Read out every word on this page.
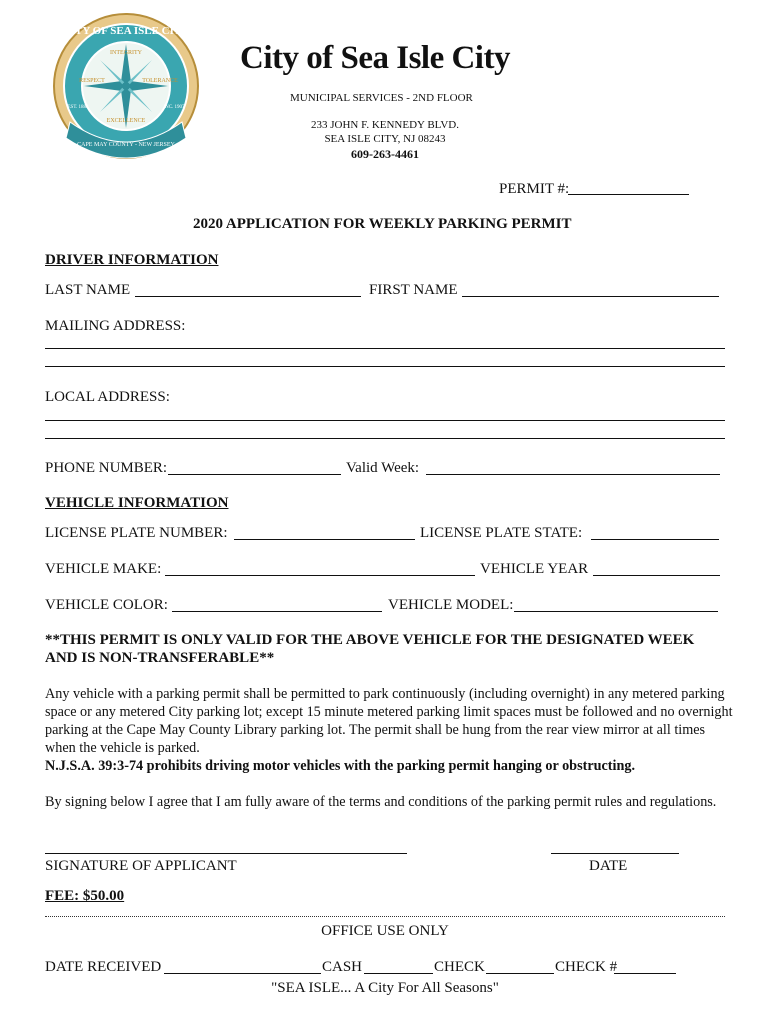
CITY OF SEA ISLE CITY
INTEGRITY
RESPECT	TOLERANCE
EXCELLENCE
EST. 1882	INC. 1907
CAPE MAY COUNTY - NEW JERSEY
City of Sea Isle City
MUNICIPAL SERVICES - 2ND FLOOR
233 JOHN F. KENNEDY BLVD.
SEA ISLE CITY, NJ 08243
609-263-4461
PERMIT #:
2020 APPLICATION FOR WEEKLY PARKING PERMIT
DRIVER INFORMATION
LAST NAME	FIRST NAME
MAILING ADDRESS:
LOCAL ADDRESS:
PHONE NUMBER:	Valid Week:
VEHICLE INFORMATION
LICENSE PLATE NUMBER:	LICENSE PLATE STATE:
VEHICLE MAKE:	VEHICLE YEAR
VEHICLE COLOR:	VEHICLE MODEL:
**THIS PERMIT IS ONLY VALID FOR THE ABOVE VEHICLE FOR THE DESIGNATED WEEK
AND IS NON-TRANSFERABLE**
Any vehicle with a parking permit shall be permitted to park continuously (including overnight) in any metered parking space or any metered City parking lot; except 15 minute metered parking limit spaces must be followed and no overnight parking at the Cape May County Library parking lot. The permit shall be hung from the rear view mirror at all times when the vehicle is parked.
N.J.S.A. 39:3-74 prohibits driving motor vehicles with the parking permit hanging or obstructing.
By signing below I agree that I am fully aware of the terms and conditions of the parking permit rules and regulations.
SIGNATURE OF APPLICANT	DATE
FEE: $50.00
OFFICE USE ONLY
DATE RECEIVED	CASH	CHECK	CHECK #
"SEA ISLE... A City For All Seasons"
